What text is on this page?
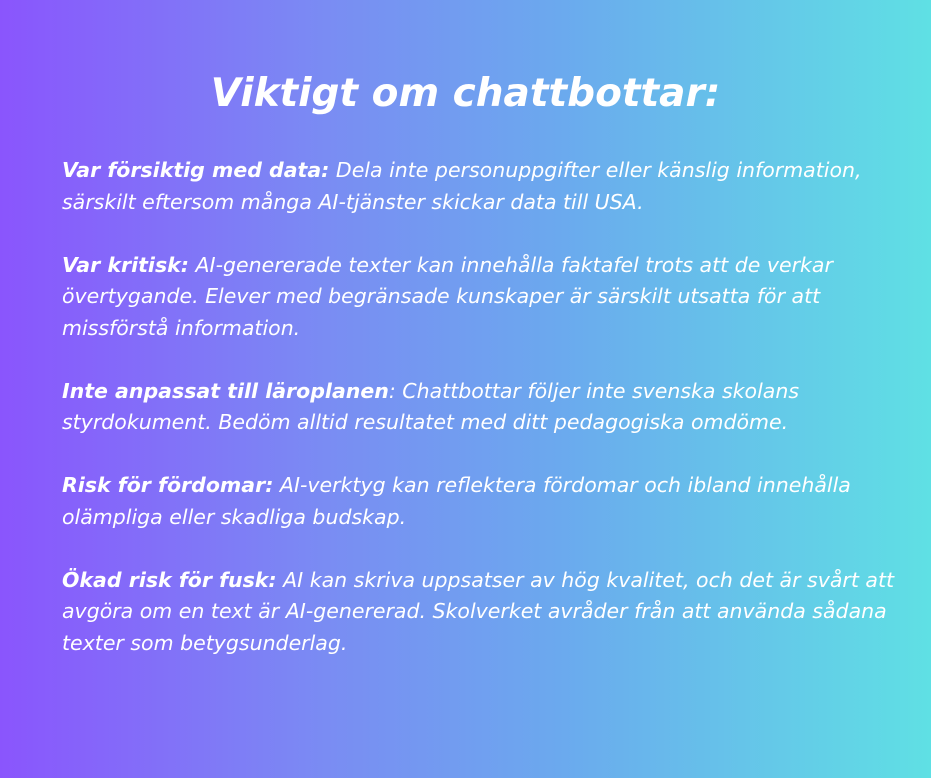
Viktigt om chattbottar:
Var försiktig med data: Dela inte personuppgifter eller känslig information, särskilt eftersom många AI-tjänster skickar data till USA.
Var kritisk: AI-genererade texter kan innehålla faktafel trots att de verkar övertygande. Elever med begränsade kunskaper är särskilt utsatta för att missförstå information.
Inte anpassat till läroplanen: Chattbottar följer inte svenska skolans styrdokument. Bedöm alltid resultatet med ditt pedagogiska omdöme.
Risk för fördomar: AI-verktyg kan reflektera fördomar och ibland innehålla olämpliga eller skadliga budskap.
Ökad risk för fusk: AI kan skriva uppsatser av hög kvalitet, och det är svårt att avgöra om en text är AI-genererad. Skolverket avråder från att använda sådana texter som betygsunderlag.
